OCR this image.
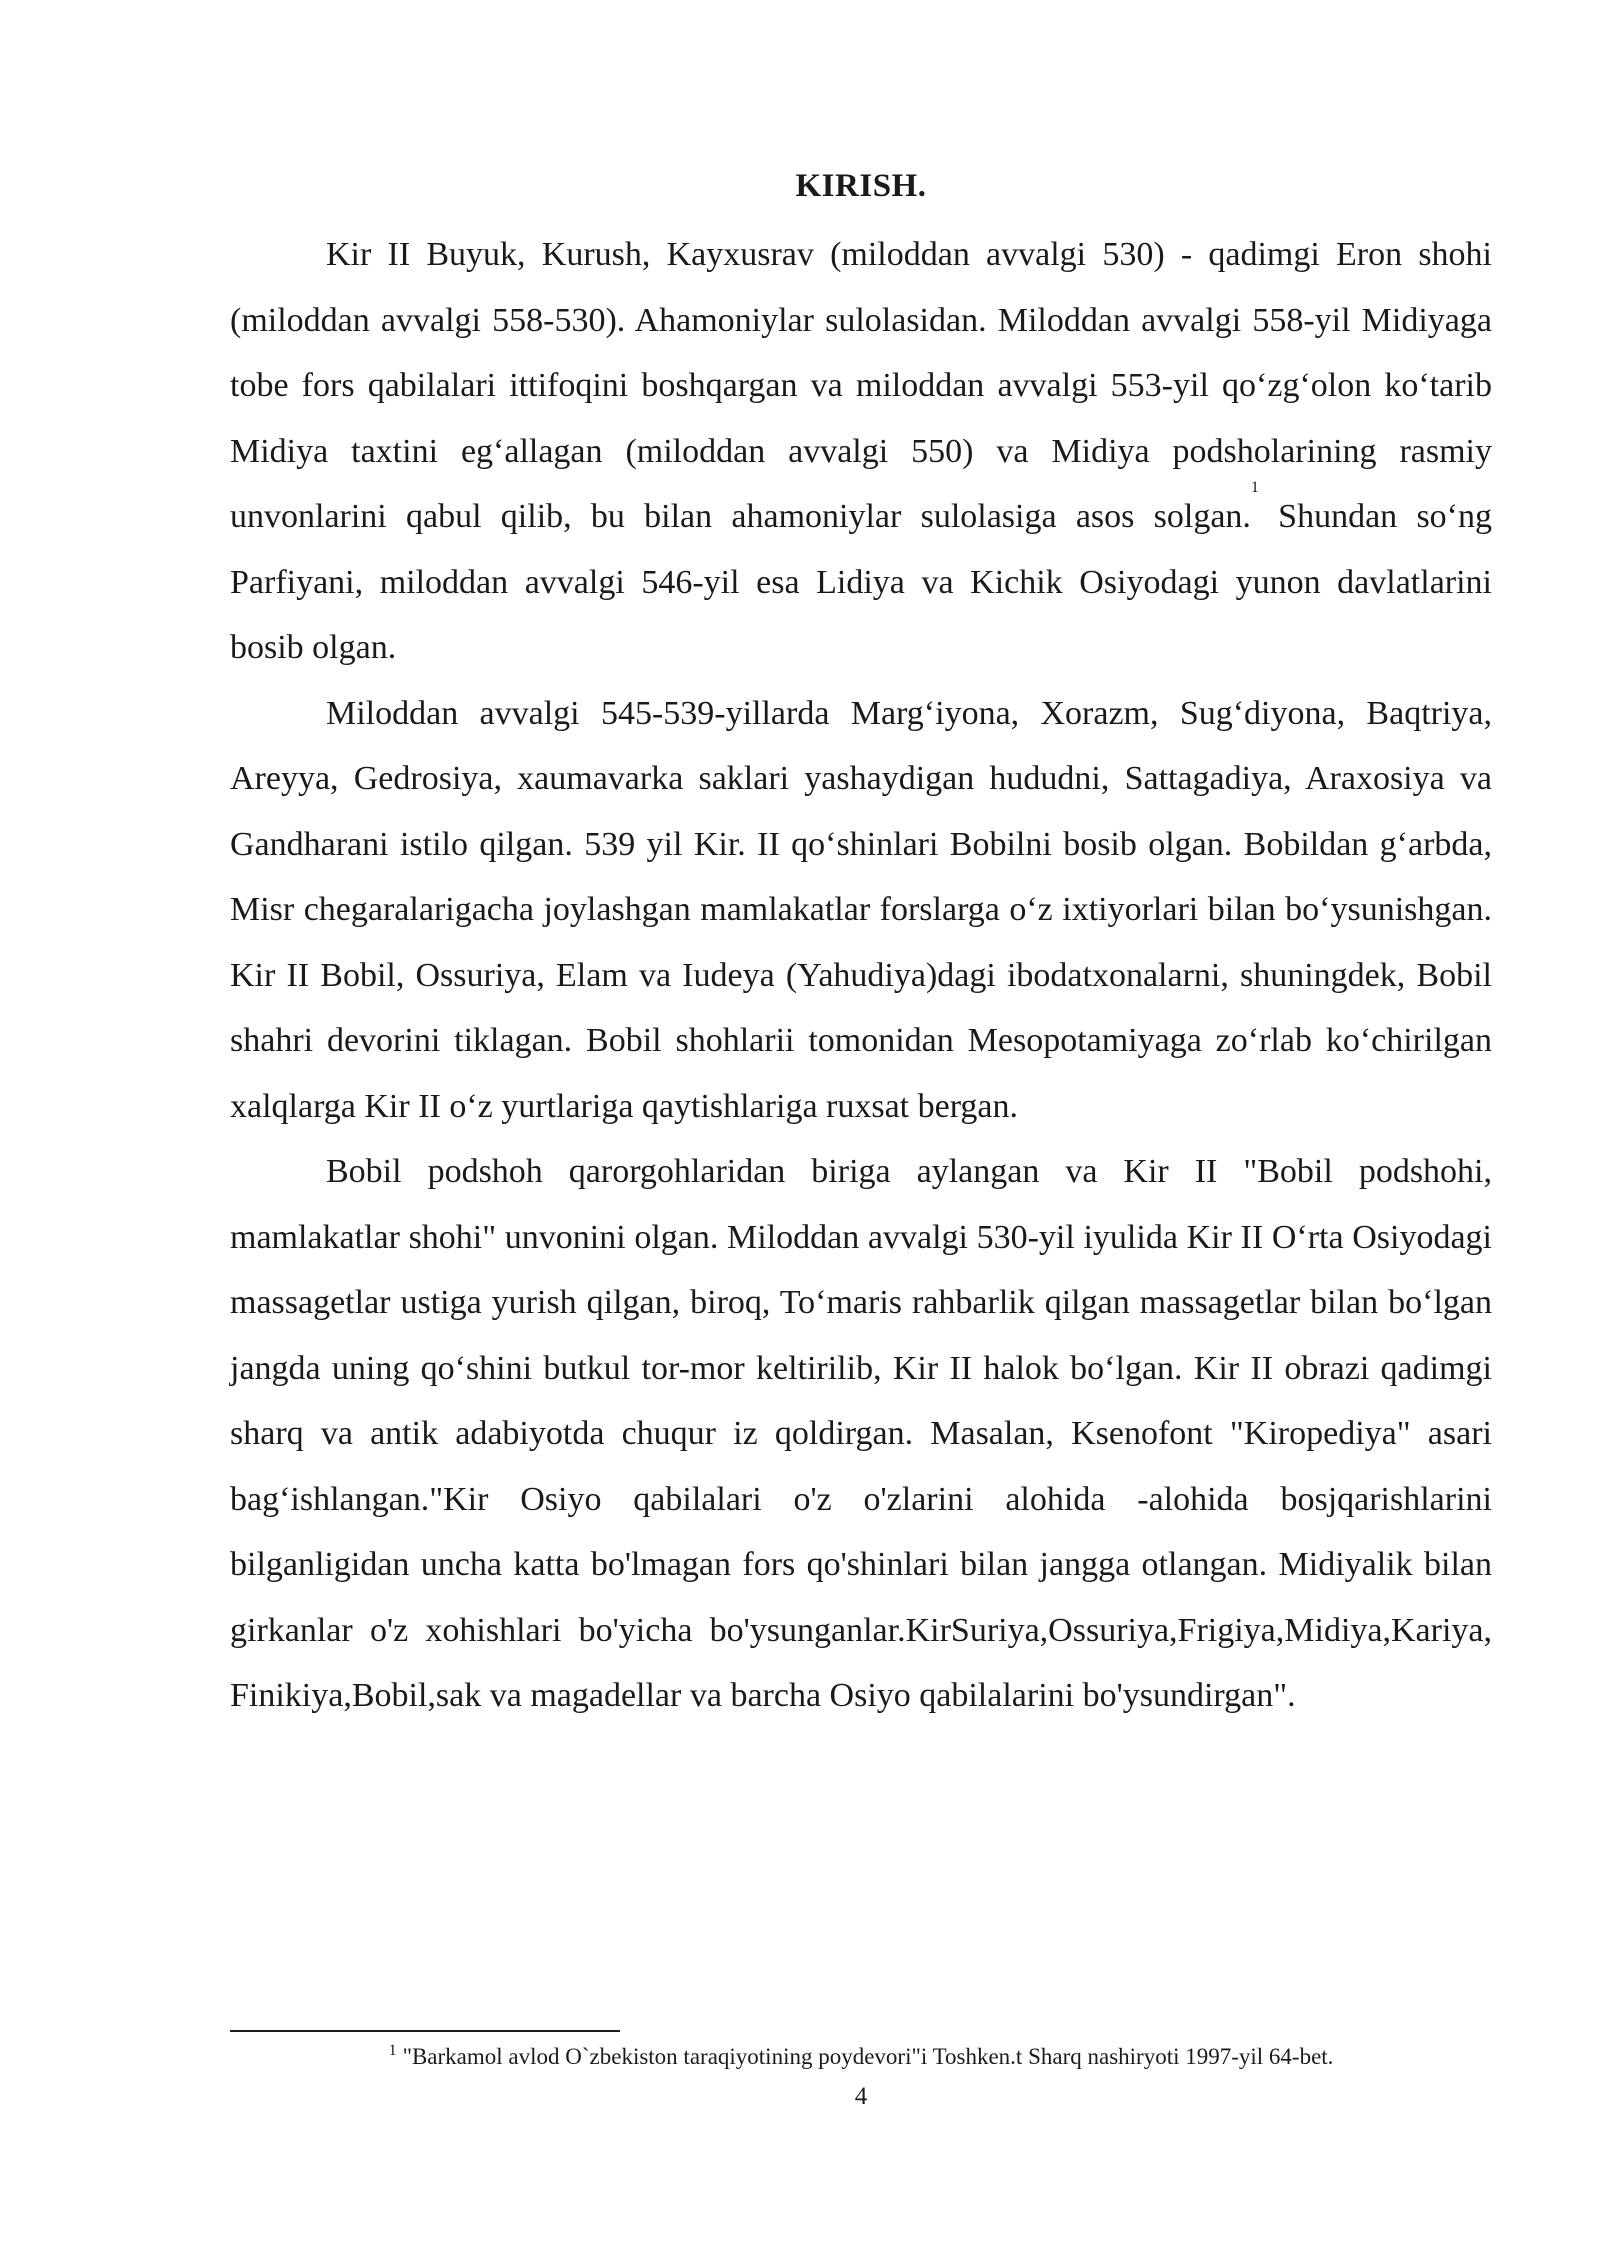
KIRISH.

Kir II Buyuk, Kurush, Kayxusrav (miloddan avvalgi 530) - qadimgi Eron shohi (miloddan avvalgi 558-530). Ahamoniylar sulolasidan. Miloddan avvalgi 558-yil Midiyaga tobe fors qabilalari ittifoqini boshqargan va miloddan avvalgi 553-yil qo‘zg‘olon ko‘tarib Midiya taxtini eg‘allagan (miloddan avvalgi 550) va Midiya podsholarining rasmiy unvonlarini qabul qilib, bu bilan ahamoniylar sulolasiga asos solgan.$^1$ Shundan so‘ng Parfiyani, miloddan avvalgi 546-yil esa Lidiya va Kichik Osiyodagi yunon davlatlarini bosib olgan.

Miloddan avvalgi 545-539-yillarda Marg‘iyona, Xorazm, Sug‘diyona, Baqtriya, Areyya, Gedrosiya, xaumavarka saklari yashaydigan hududni, Sattagadiya, Araxosiya va Gandharani istilo qilgan. 539 yil Kir. II qo‘shinlari Bobilni bosib olgan. Bobildan g‘arbda, Misr chegaralarigacha joylashgan mamlakatlar forslarga o‘z ixtiyorlari bilan bo‘ysunishgan. Kir II Bobil, Ossuriya, Elam va Iudeya (Yahudiya)dagi ibodatxonalarni, shuningdek, Bobil shahri devorini tiklagan. Bobil shohlarii tomonidan Mesopotamiyaga zo‘rlab ko‘chirilgan xalqlarga Kir II o‘z yurtlariga qaytishlariga ruxsat bergan.

Bobil podshoh qarorgohlaridan biriga aylangan va Kir II "Bobil podshohi, mamlakatlar shohi" unvonini olgan. Miloddan avvalgi 530-yil iyulida Kir II O‘rta Osiyodagi massagetlar ustiga yurish qilgan, biroq, To‘maris rahbarlik qilgan massagetlar bilan bo‘lgan jangda uning qo‘shini butkul tor-mor keltirilib, Kir II halok bo‘lgan. Kir II obrazi qadimgi sharq va antik adabiyotda chuqur iz qoldirgan. Masalan, Ksenofont "Kiropediya" asari bag‘ishlangan."Kir Osiyo qabilalari o'z o'zlarini alohida -alohida bosjqarishlarini bilganligidan uncha katta bo'lmagan fors qo'shinlari bilan jangga otlangan. Midiyalik bilan girkanlar o'z xohishlari bo'yicha bo'ysunganlar.KirSuriya,Ossuriya,Frigiya,Midiya,Kariya, Finikiya,Bobil,sak va magadellar va barcha Osiyo qabilalarini bo'ysundirgan".

$^1$ "Barkamol avlod O`zbekiston taraqiyotining poydevori"i Toshken.t Sharq nashiryoti 1997-yil 64-bet.
4
